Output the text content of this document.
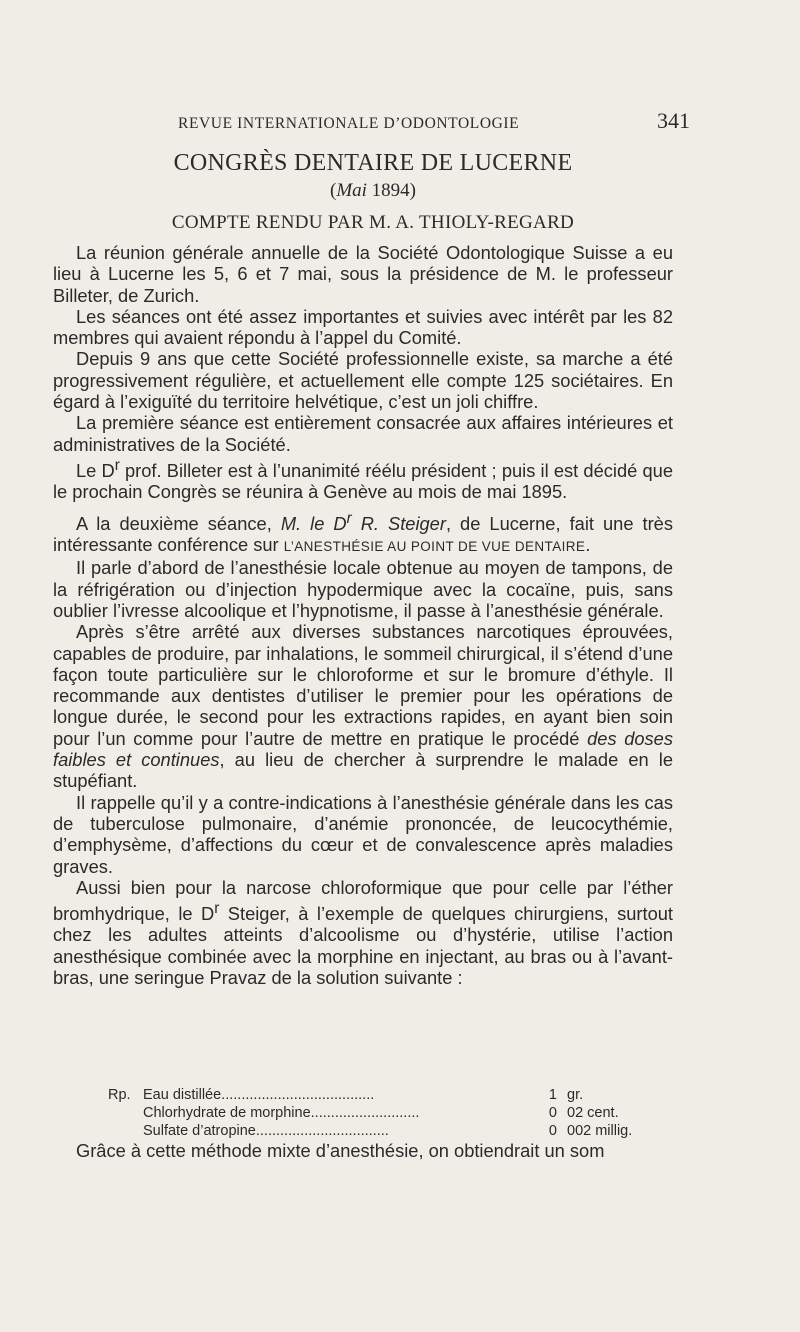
REVUE INTERNATIONALE D’ODONTOLOGIE	341
CONGRÈS DENTAIRE DE LUCERNE
(Mai 1894)
COMPTE RENDU PAR M. A. THIOLY-REGARD

La réunion générale annuelle de la Société Odontologique Suisse a eu lieu à Lucerne les 5, 6 et 7 mai, sous la présidence de M. le professeur Billeter, de Zurich.

Les séances ont été assez importantes et suivies avec intérêt par les 82 membres qui avaient répondu à l’appel du Comité.

Depuis 9 ans que cette Société professionnelle existe, sa marche a été progressivement régulière, et actuellement elle compte 125 sociétaires. En égard à l’exiguïté du territoire helvétique, c’est un joli chiffre.

La première séance est entièrement consacrée aux affaires intérieures et administratives de la Société.

Le $D^r$ prof. Billeter est à l’unanimité réélu président ; puis il est décidé que le prochain Congrès se réunira à Genève au mois de mai 1895.

A la deuxième séance, M. le $D^r$ R. Steiger, de Lucerne, fait une très intéressante conférence sur L’ANESTHÉSIE AU POINT DE VUE DENTAIRE.

Il parle d’abord de l’anesthésie locale obtenue au moyen de tampons, de la réfrigération ou d’injection hypodermique avec la cocaïne, puis, sans oublier l’ivresse alcoolique et l’hypnotisme, il passe à l’anesthésie générale.

Après s’être arrêté aux diverses substances narcotiques éprouvées, capables de produire, par inhalations, le sommeil chirurgical, il s’étend d’une façon toute particulière sur le chloroforme et sur le bromure d’éthyle. Il recommande aux dentistes d’utiliser le premier pour les opérations de longue durée, le second pour les extractions rapides, en ayant bien soin pour l’un comme pour l’autre de mettre en pratique le procédé des doses faibles et continues, au lieu de chercher à surprendre le malade en le stupéfiant.

Il rappelle qu’il y a contre-indications à l’anesthésie générale dans les cas de tuberculose pulmonaire, d’anémie prononcée, de leucocythémie, d’emphysème, d’affections du cœur et de convalescence après maladies graves.

Aussi bien pour la narcose chloroformique que pour celle par l’éther bromhydrique, le $D^r$ Steiger, à l’exemple de quelques chirurgiens, surtout chez les adultes atteints d’alcoolisme ou d’hystérie, utilise l’action anesthésique combinée avec la morphine en injectant, au bras ou à l’avant-bras, une seringue Pravaz de la solution suivante :

Rp. Eau distillée......................................	1 gr.
Chlorhydrate de morphine...........................	0 02 cent.
Sulfate d’atropine.................................	0 002 millig.
Grâce à cette méthode mixte d’anesthésie, on obtiendrait un som
